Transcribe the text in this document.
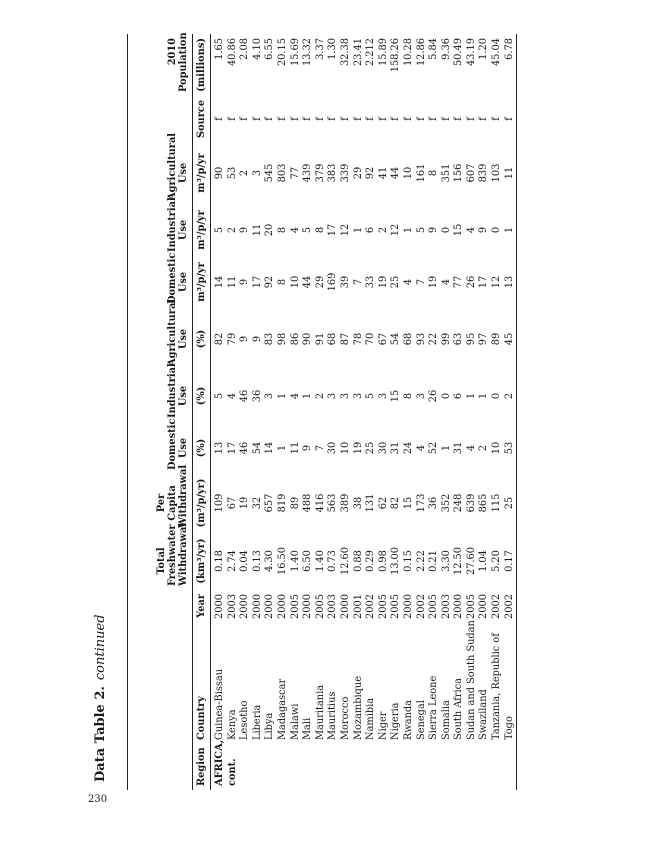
230
Data Table 2.continued
			Total Freshwater Withdrawal	Per Capita Withdrawal	Domestic Use	Industrial Use	Agricultural Use	Domestic Use	Industrial Use	Agricultural Use		2010 Population
Region	Country	Year	(km³/yr)	(m³/p/yr)	(%)	(%)	(%)	m³/p/yr	m³/p/yr	m³/p/yr	Source	(millions)
AFRICA,	Guinea-Bissau	2000	0.18	109	13	5	82	14	5	90	f	1.65
cont.	Kenya	2003	2.74	67	17	4	79	11	2	53	f	40.86
	Lesotho	2000	0.04	19	46	46	9	9	9	2	f	2.08
	Liberia	2000	0.13	32	54	36	9	17	11	3	f	4.10
	Libya	2000	4.30	657	14	3	83	92	20	545	f	6.55
	Madagascar	2000	16.50	819	1	1	98	8	8	803	f	20.15
	Malawi	2005	1.40	89	11	4	86	10	4	77	f	15.69
	Mali	2000	6.50	488	9	1	90	44	5	439	f	13.32
	Mauritania	2005	1.40	416	7	2	91	29	8	379	f	3.37
	Mauritius	2003	0.73	563	30	3	68	169	17	383	f	1.30
	Morocco	2000	12.60	389	10	3	87	39	12	339	f	32.38
	Mozambique	2001	0.88	38	19	3	78	7	1	29	f	23.41
	Namibia	2002	0.29	131	25	5	70	33	6	92	f	2.212
	Niger	2005	0.98	62	30	3	67	19	2	41	f	15.89
	Nigeria	2005	13.00	82	31	15	54	25	12	44	f	158.26
	Rwanda	2000	0.15	15	24	8	68	4	1	10	f	10.28
	Senegal	2002	2.22	173	4	3	93	7	5	161	f	12.86
	Sierra Leone	2005	0.21	36	52	26	22	19	9	8	f	5.84
	Somalia	2003	3.30	352	1	0	99	4	0	351	f	9.36
	South Africa	2000	12.50	248	31	6	63	77	15	156	f	50.49
	Sudan and South Sudan	2005	27.60	639	4	1	95	26	4	607	f	43.19
	Swaziland	2000	1.04	865	2	1	97	17	9	839	f	1.20
	Tanzania, Republic of	2002	5.20	115	10	0	89	12	0	103	f	45.04
	Togo	2002	0.17	25	53	2	45	13	1	11	f	6.78
